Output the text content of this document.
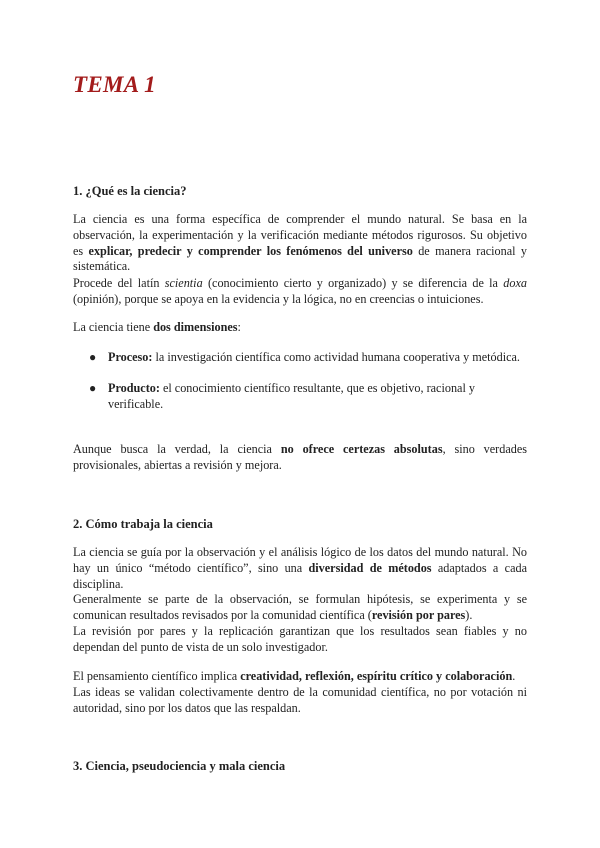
TEMA 1
1. ¿Qué es la ciencia?

La ciencia es una forma específica de comprender el mundo natural. Se basa en la observación, la experimentación y la verificación mediante métodos rigurosos. Su objetivo es explicar, predecir y comprender los fenómenos del universo de manera racional y sistemática.

Procede del latín scientia (conocimiento cierto y organizado) y se diferencia de la doxa (opinión), porque se apoya en la evidencia y la lógica, no en creencias o intuiciones.

La ciencia tiene dos dimensiones:

● Proceso: la investigación científica como actividad humana cooperativa y metódica.
● Producto: el conocimiento científico resultante, que es objetivo, racional y verificable.

Aunque busca la verdad, la ciencia no ofrece certezas absolutas, sino verdades provisionales, abiertas a revisión y mejora.

2. Cómo trabaja la ciencia

La ciencia se guía por la observación y el análisis lógico de los datos del mundo natural. No hay un único “método científico”, sino una diversidad de métodos adaptados a cada disciplina.

Generalmente se parte de la observación, se formulan hipótesis, se experimenta y se comunican resultados revisados por la comunidad científica (revisión por pares).

La revisión por pares y la replicación garantizan que los resultados sean fiables y no dependan del punto de vista de un solo investigador.

El pensamiento científico implica creatividad, reflexión, espíritu crítico y colaboración.

Las ideas se validan colectivamente dentro de la comunidad científica, no por votación ni autoridad, sino por los datos que las respaldan.

3. Ciencia, pseudociencia y mala ciencia
